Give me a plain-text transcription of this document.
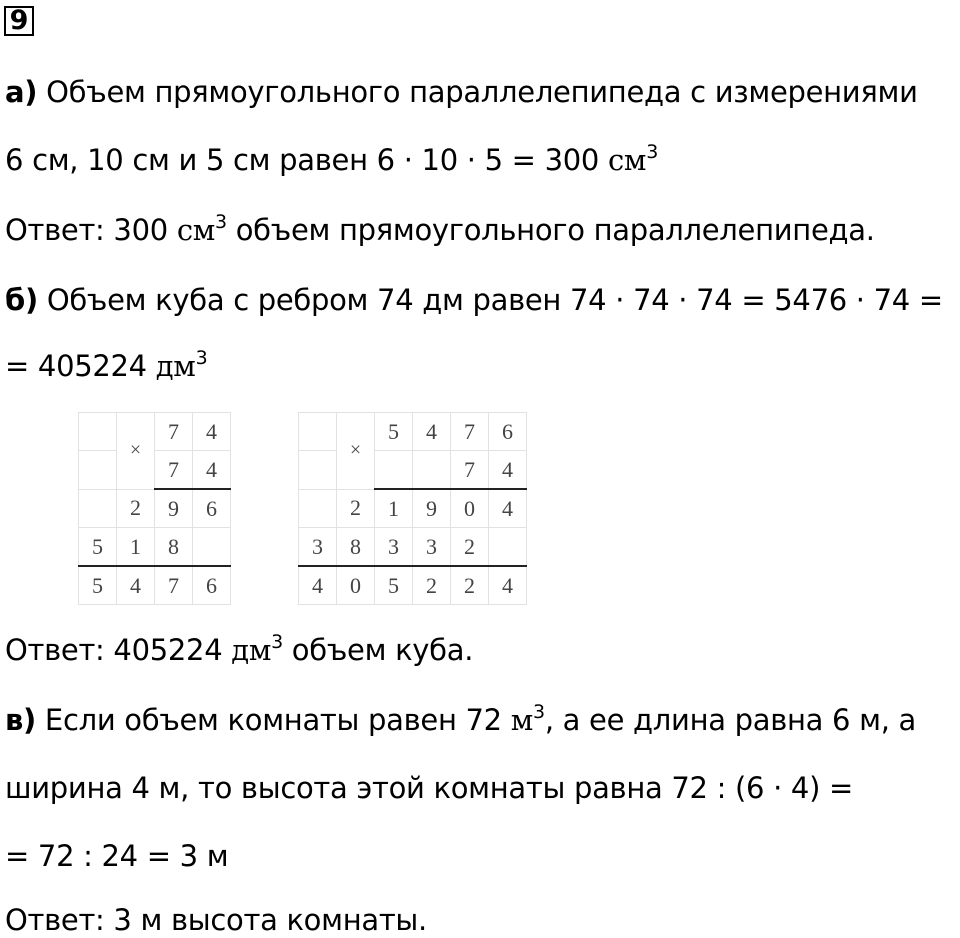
9
а) Объем прямоугольного параллелепипеда с измерениями
6 см, 10 см и 5 см равен 6 · 10 · 5 = 300 $см^3$
Ответ: 300 $см^3$ объем прямоугольного параллелепипеда.
б) Объем куба с ребром 74 дм равен 74 · 74 · 74 = 5476 · 74 =
= 405224 $дм^3$
	×	7	4
		7	4
	2	9	6
5	1	8	
5	4	7	6
	×	5	4	7	6
				7	4
	2	1	9	0	4
3	8	3	3	2	
4	0	5	2	2	4
Ответ: 405224 $дм^3$ объем куба.
в) Если объем комнаты равен 72 $м^3$, а ее длина равна 6 м, а
ширина 4 м, то высота этой комнаты равна 72 : (6 · 4) =
= 72 : 24 = 3 м
Ответ: 3 м высота комнаты.
